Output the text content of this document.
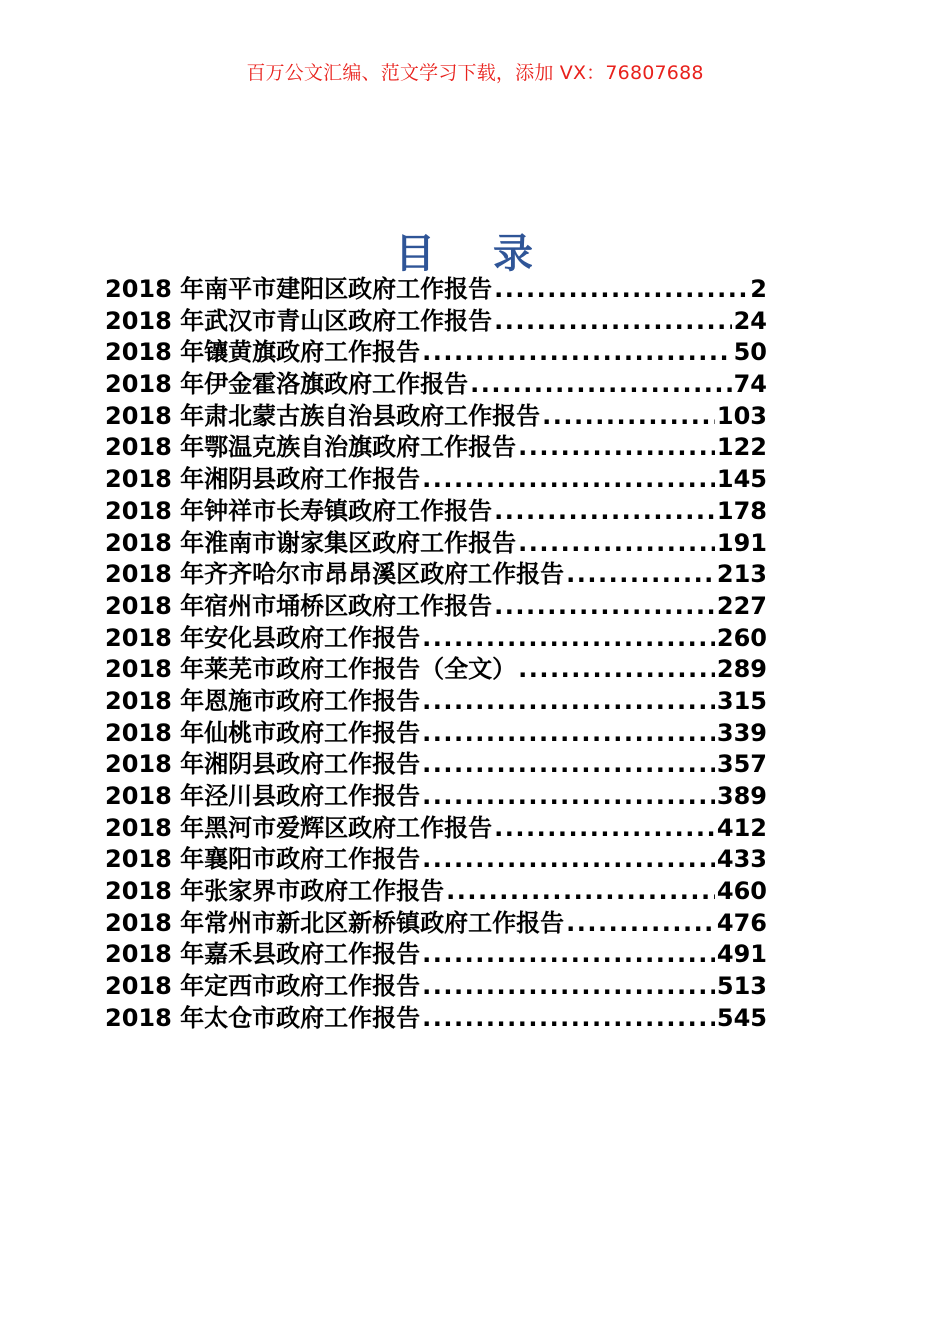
百万公文汇编、范文学习下载，添加 VX：76807688
目 录
2018 年南平市建阳区政府工作报告 .....	2
2018 年武汉市青山区政府工作报告 .....	24
2018 年镶黄旗政府工作报告 .....	50
2018 年伊金霍洛旗政府工作报告 .....	74
2018 年肃北蒙古族自治县政府工作报告 .....	103
2018 年鄂温克族自治旗政府工作报告 .....	122
2018 年湘阴县政府工作报告 .....	145
2018 年钟祥市长寿镇政府工作报告 .....	178
2018 年淮南市谢家集区政府工作报告 .....	191
2018 年齐齐哈尔市昂昂溪区政府工作报告 .....	213
2018 年宿州市埇桥区政府工作报告 .....	227
2018 年安化县政府工作报告 .....	260
2018 年莱芜市政府工作报告（全文） .....	289
2018 年恩施市政府工作报告 .....	315
2018 年仙桃市政府工作报告 .....	339
2018 年湘阴县政府工作报告 .....	357
2018 年泾川县政府工作报告 .....	389
2018 年黑河市爱辉区政府工作报告 .....	412
2018 年襄阳市政府工作报告 .....	433
2018 年张家界市政府工作报告 .....	460
2018 年常州市新北区新桥镇政府工作报告 .....	476
2018 年嘉禾县政府工作报告 .....	491
2018 年定西市政府工作报告 .....	513
2018 年太仓市政府工作报告 .....	545
